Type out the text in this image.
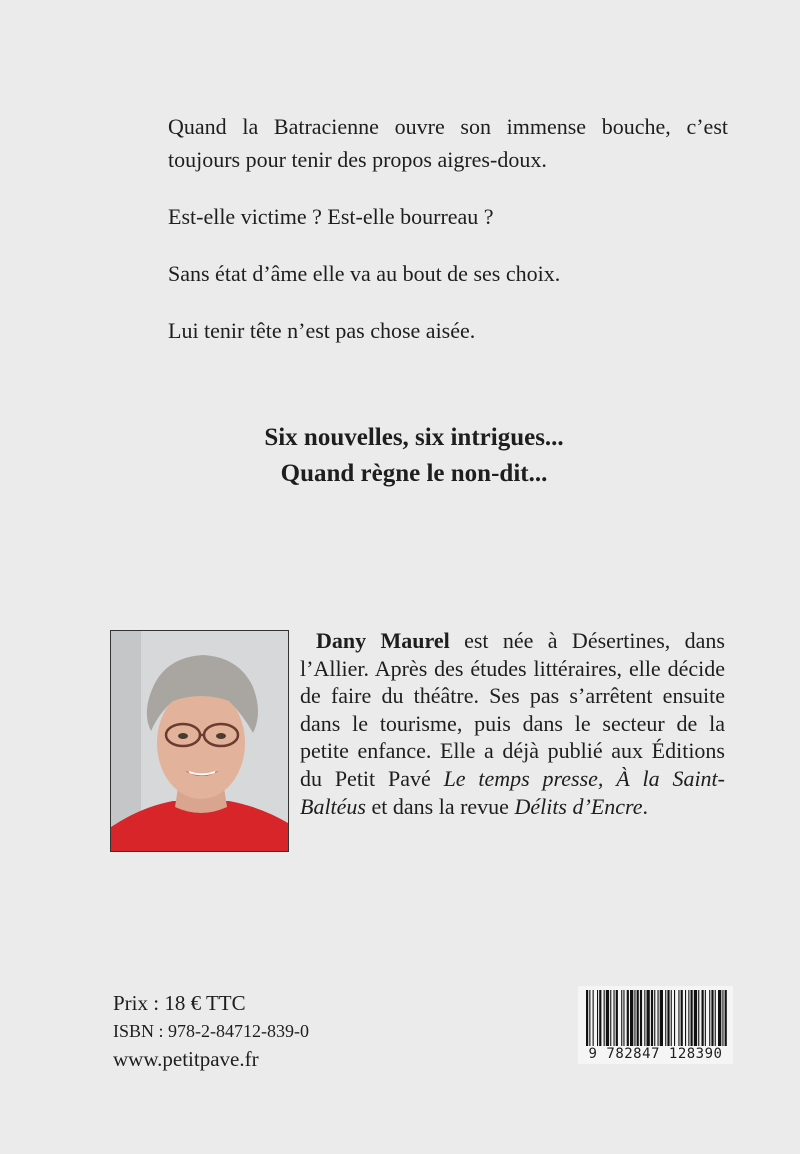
Quand la Batracienne ouvre son immense bouche, c’est toujours pour tenir des propos aigres-doux.

Est-elle victime ? Est-elle bourreau ?

Sans état d’âme elle va au bout de ses choix.

Lui tenir tête n’est pas chose aisée.

Six nouvelles, six intrigues...
Quand règne le non-dit...

Dany Maurel est née à Désertines, dans l’Allier. Après des études littéraires, elle décide de faire du théâtre. Ses pas s’arrêtent ensuite dans le tourisme, puis dans le secteur de la petite enfance. Elle a déjà publié aux Éditions du Petit Pavé Le temps presse, À la Saint-Baltéus et dans la revue Délits d’Encre.

Prix : 18 € TTC
ISBN : 978-2-84712-839-0
www.petitpave.fr	9 782847 128390
